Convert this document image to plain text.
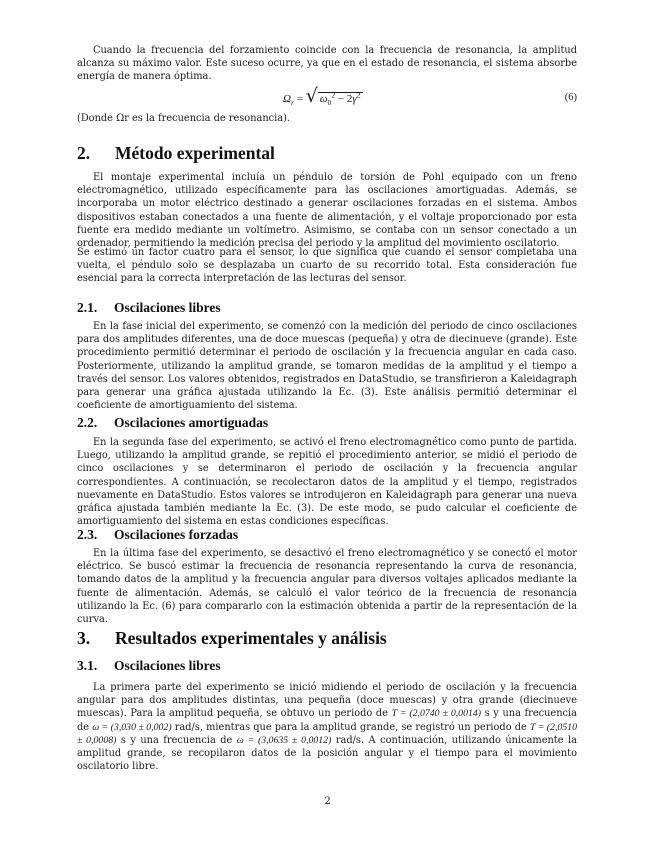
Cuando la frecuencia del forzamiento coincide con la frecuencia de resonancia, la amplitud alcanza su máximo valor. Este suceso ocurre, ya que en el estado de resonancia, el sistema absorbe energía de manera óptima.
$\Omega_r$ = √ $\omega_0^2 - 2\gamma^2$	(6)
(Donde Ωr es la frecuencia de resonancia).
2. Método experimental
El montaje experimental incluía un péndulo de torsión de Pohl equipado con un freno electromagnético, utilizado específicamente para las oscilaciones amortiguadas. Además, se incorporaba un motor eléctrico destinado a generar oscilaciones forzadas en el sistema. Ambos dispositivos estaban conectados a una fuente de alimentación, y el voltaje proporcionado por esta fuente era medido mediante un voltímetro. Asimismo, se contaba con un sensor conectado a un ordenador, permitiendo la medición precisa del periodo y la amplitud del movimiento oscilatorio.
Se estimó un factor cuatro para el sensor, lo que significa que cuando el sensor completaba una vuelta, el péndulo solo se desplazaba un cuarto de su recorrido total. Esta consideración fue esencial para la correcta interpretación de las lecturas del sensor.
2.1. Oscilaciones libres
En la fase inicial del experimento, se comenzó con la medición del periodo de cinco oscilaciones para dos amplitudes diferentes, una de doce muescas (pequeña) y otra de diecinueve (grande). Este procedimiento permitió determinar el periodo de oscilación y la frecuencia angular en cada caso. Posteriormente, utilizando la amplitud grande, se tomaron medidas de la amplitud y el tiempo a través del sensor. Los valores obtenidos, registrados en DataStudio, se transfirieron a Kaleidagraph para generar una gráfica ajustada utilizando la Ec. (3). Este análisis permitió determinar el coeficiente de amortiguamiento del sistema.
2.2. Oscilaciones amortiguadas
En la segunda fase del experimento, se activó el freno electromagnético como punto de partida. Luego, utilizando la amplitud grande, se repitió el procedimiento anterior, se midió el periodo de cinco oscilaciones y se determinaron el periodo de oscilación y la frecuencia angular correspondientes. A continuación, se recolectaron datos de la amplitud y el tiempo, registrados nuevamente en DataStudio. Estos valores se introdujeron en Kaleidagraph para generar una nueva gráfica ajustada también mediante la Ec. (3). De este modo, se pudo calcular el coeficiente de amortiguamiento del sistema en estas condiciones específicas.
2.3. Oscilaciones forzadas
En la última fase del experimento, se desactivó el freno electromagnético y se conectó el motor eléctrico. Se buscó estimar la frecuencia de resonancia representando la curva de resonancia, tomando datos de la amplitud y la frecuencia angular para diversos voltajes aplicados mediante la fuente de alimentación. Además, se calculó el valor teórico de la frecuencia de resonancia utilizando la Ec. (6) para compararlo con la estimación obtenida a partir de la representación de la curva.
3. Resultados experimentales y análisis
3.1. Oscilaciones libres
La primera parte del experimento se inició midiendo el periodo de oscilación y la frecuencia angular para dos amplitudes distintas, una pequeña (doce muescas) y otra grande (diecinueve muescas). Para la amplitud pequeña, se obtuvo un periodo de T = (2,0740 ± 0,0014) s y una frecuencia de ω = (3,030 ± 0,002) rad/s, mientras que para la amplitud grande, se registró un periodo de T = (2,0510 ± 0,0008) s y una frecuencia de ω = (3,0635 ± 0,0012) rad/s. A continuación, utilizando únicamente la amplitud grande, se recopilaron datos de la posición angular y el tiempo para el movimiento oscilatorio libre.
2
